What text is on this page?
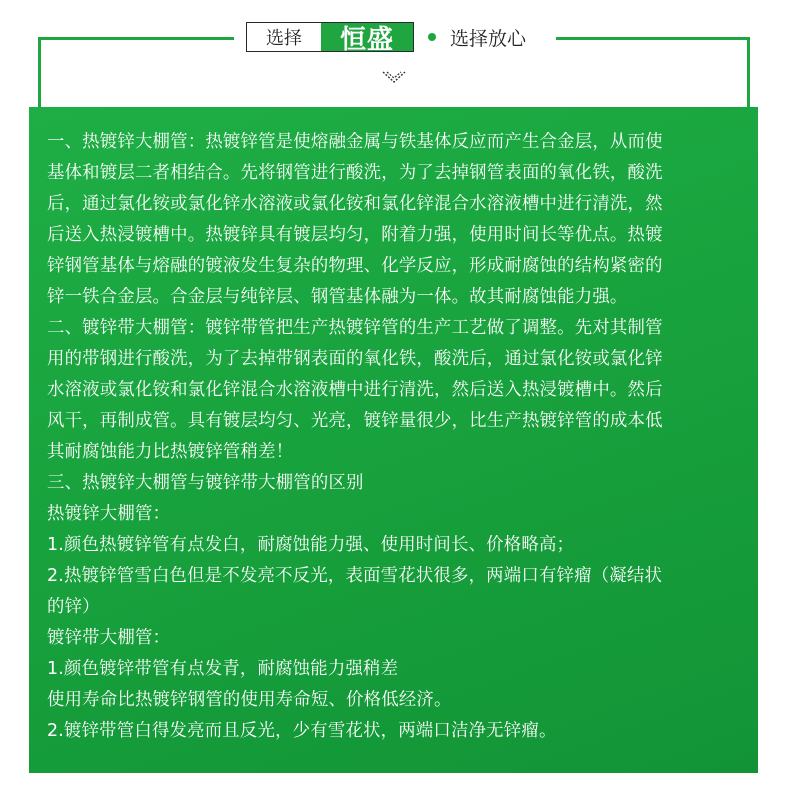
选择	恒盛	选择放心
一、热镀锌大棚管：热镀锌管是使熔融金属与铁基体反应而产生合金层，从而使
基体和镀层二者相结合。先将钢管进行酸洗，为了去掉钢管表面的氧化铁，酸洗
后，通过氯化铵或氯化锌水溶液或氯化铵和氯化锌混合水溶液槽中进行清洗，然
后送入热浸镀槽中。热镀锌具有镀层均匀，附着力强，使用时间长等优点。热镀
锌钢管基体与熔融的镀液发生复杂的物理、化学反应，形成耐腐蚀的结构紧密的
锌一铁合金层。合金层与纯锌层、钢管基体融为一体。故其耐腐蚀能力强。
二、镀锌带大棚管：镀锌带管把生产热镀锌管的生产工艺做了调整。先对其制管
用的带钢进行酸洗，为了去掉带钢表面的氧化铁，酸洗后，通过氯化铵或氯化锌
水溶液或氯化铵和氯化锌混合水溶液槽中进行清洗，然后送入热浸镀槽中。然后
风干，再制成管。具有镀层均匀、光亮，镀锌量很少，比生产热镀锌管的成本低
其耐腐蚀能力比热镀锌管稍差！
三、热镀锌大棚管与镀锌带大棚管的区别
热镀锌大棚管：
1.颜色热镀锌管有点发白，耐腐蚀能力强、使用时间长、价格略高；
2.热镀锌管雪白色但是不发亮不反光，表面雪花状很多，两端口有锌瘤（凝结状
的锌）
镀锌带大棚管：
1.颜色镀锌带管有点发青，耐腐蚀能力强稍差
使用寿命比热镀锌钢管的使用寿命短、价格低经济。
2.镀锌带管白得发亮而且反光，少有雪花状，两端口洁净无锌瘤。
